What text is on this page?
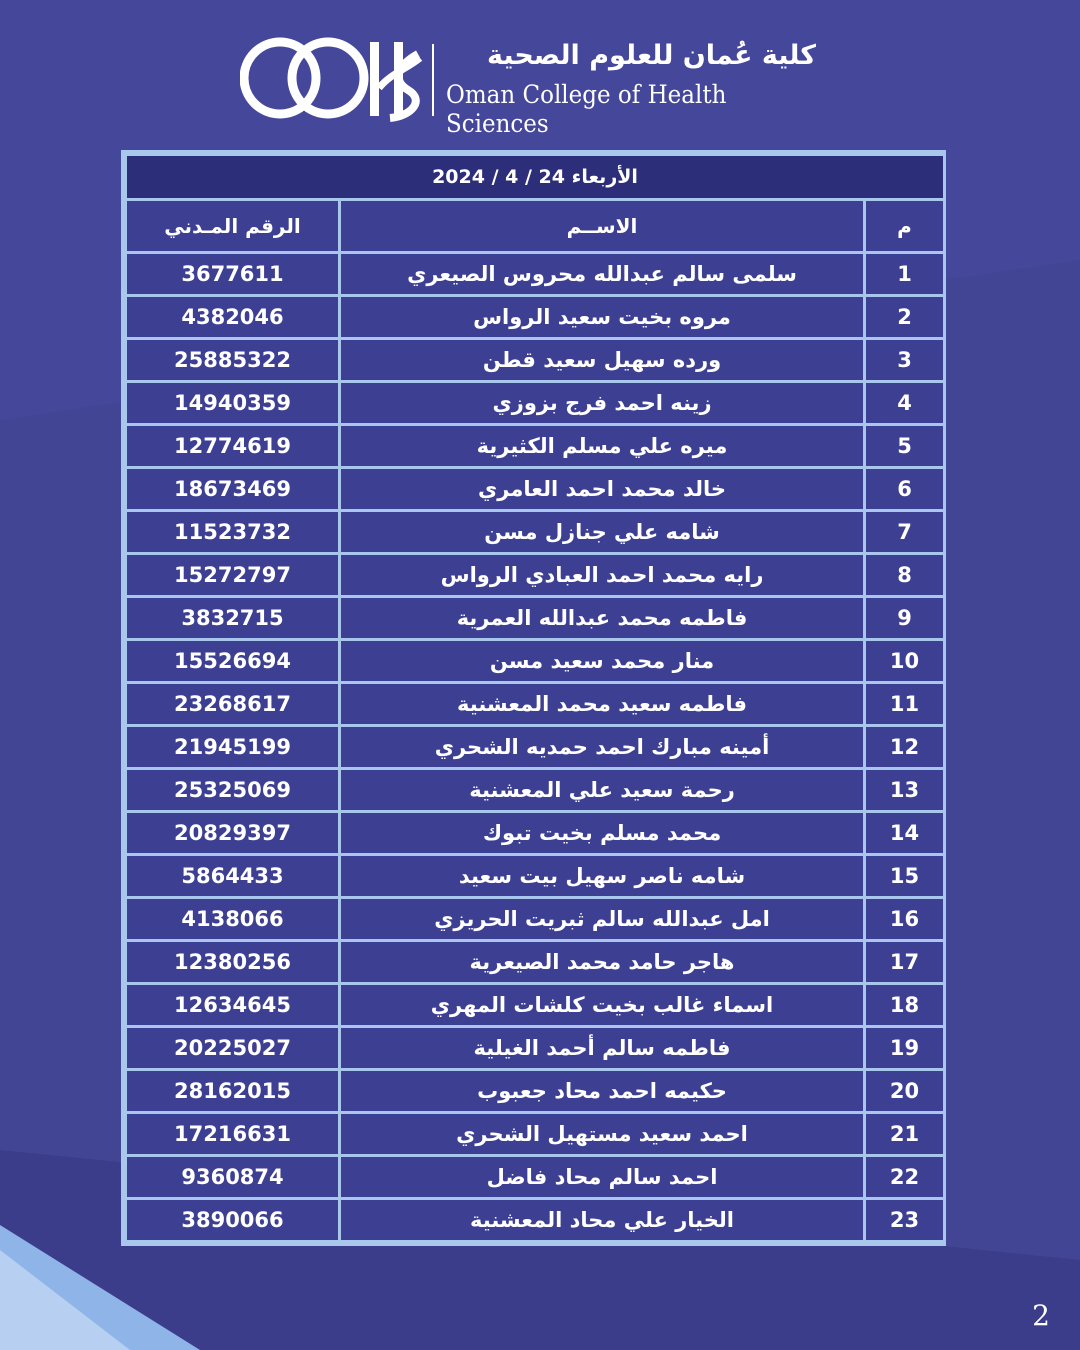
OCHS
كلية عُمان للعلوم الصحية
Oman College of Health Sciences
الأربعاء 24 / 4 / 2024		
م	الاســم	الرقم المـدني
1	سلمى سالم عبدالله محروس الصيعري	3677611
2	مروه بخيت سعيد الرواس	4382046
3	ورده سهيل سعيد قطن	25885322
4	زينه احمد فرج بزوزي	14940359
5	ميره علي مسلم الكثيرية	12774619
6	خالد محمد احمد العامري	18673469
7	شامه علي جنازل مسن	11523732
8	رايه محمد احمد العبادي الرواس	15272797
9	فاطمه محمد عبدالله العمرية	3832715
10	منار محمد سعيد مسن	15526694
11	فاطمه سعيد محمد المعشنية	23268617
12	أمينه مبارك احمد حمديه الشحري	21945199
13	رحمة سعيد علي المعشنية	25325069
14	محمد مسلم بخيت تبوك	20829397
15	شامه ناصر سهيل بيت سعيد	5864433
16	امل عبدالله سالم ثبريت الحريزي	4138066
17	هاجر حامد محمد الصيعرية	12380256
18	اسماء غالب بخيت كلشات المهري	12634645
19	فاطمه سالم أحمد الغيلية	20225027
20	حكيمه احمد محاد جعبوب	28162015
21	احمد سعيد مستهيل الشحري	17216631
22	احمد سالم محاد فاضل	9360874
23	الخيار علي محاد المعشنية	3890066
2
